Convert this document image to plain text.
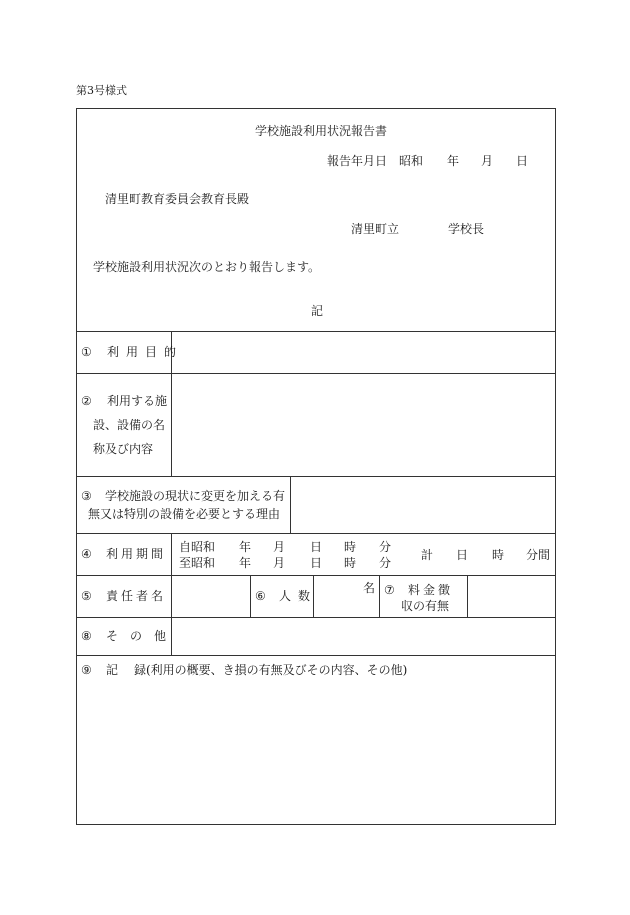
第3号様式
学校施設利用状況報告書
報告年月日 昭和 年 月 日
清里町教育委員会教育長殿
清里町立	学校長
学校施設利用状況次のとおり報告します。
記
① 利用目的
② 利用する施
設、設備の名
称及び内容
③ 学校施設の現状に変更を加える有
無又は特別の設備を必要とする理由
④ 利用期間 自昭和 年 月 日 時 分
至昭和 年 月 日 時 分
計 日 時 分間
⑤ 責任者名	⑥ 人数
名 ⑦ 料金徴
収の有無
⑧ その他
⑨ 記 録(利用の概要、き損の有無及びその内容、その他)
